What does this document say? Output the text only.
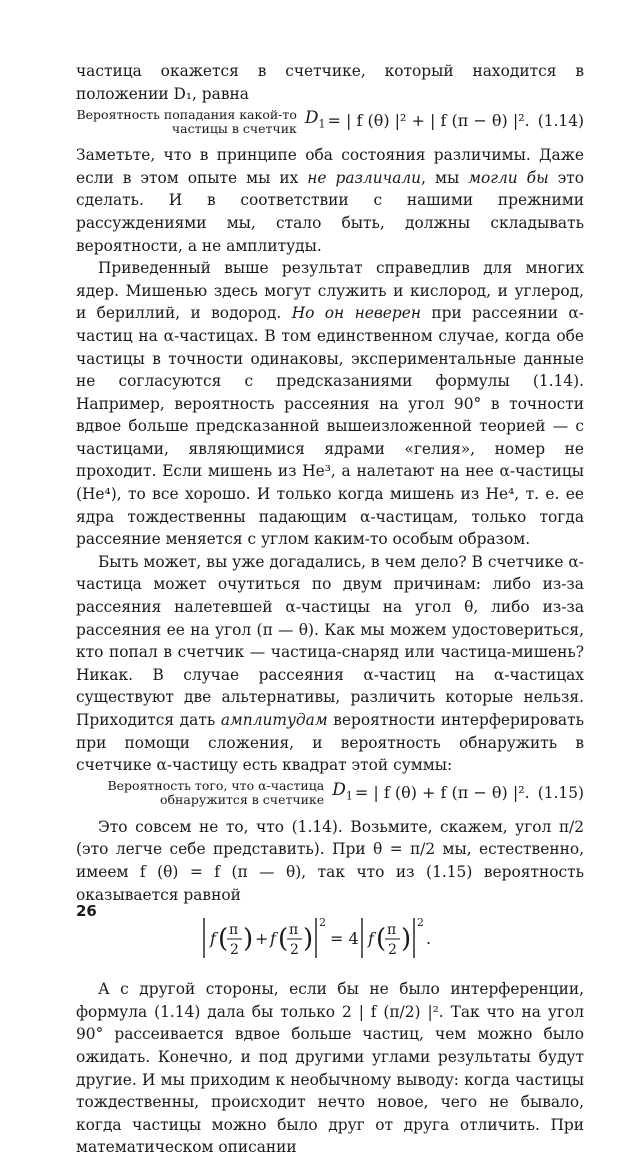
частица окажется в счетчике, который находится в положении D₁, равна

Вероятность попадания какой-то
частицы в счетчик $D_1$ = | f (θ) |² + | f (π − θ) |². (1.14)

Заметьте, что в принципе оба состояния различимы. Даже если в этом опыте мы их не различали, мы могли бы это сделать. И в соответствии с нашими прежними рассуждениями мы, стало быть, должны складывать вероятности, а не амплитуды.

Приведенный выше результат справедлив для многих ядер. Мишенью здесь могут служить и кислород, и углерод, и бериллий, и водород. Но он неверен при рассеянии α-частиц на α-частицах. В том единственном случае, когда обе частицы в точности одинаковы, экспериментальные данные не согласуются с предсказаниями формулы (1.14). Например, вероятность рассеяния на угол 90° в точности вдвое больше предсказанной вышеизложенной теорией — с частицами, являющимися ядрами «гелия», номер не проходит. Если мишень из He³, а налетают на нее α-частицы (He⁴), то все хорошо. И только когда мишень из He⁴, т. е. ее ядра тождественны падающим α-частицам, только тогда рассеяние меняется с углом каким-то особым образом.

Быть может, вы уже догадались, в чем дело? В счетчике α-частица может очутиться по двум причинам: либо из-за рассеяния налетевшей α-частицы на угол θ, либо из-за рассеяния ее на угол (π — θ). Как мы можем удостовериться, кто попал в счетчик — частица-снаряд или частица-мишень? Никак. В случае рассеяния α-частиц на α-частицах существуют две альтернативы, различить которые нельзя. Приходится дать амплитудам вероятности интерферировать при помощи сложения, и вероятность обнаружить в счетчике α-частицу есть квадрат этой суммы:

Вероятность того, что α-частица
обнаружится в счетчике $D_1$ = | f (θ) + f (π − θ) |². (1.15)

Это совсем не то, что (1.14). Возьмите, скажем, угол π/2 (это легче себе представить). При θ = π/2 мы, естественно, имеем f (θ) = f (π — θ), так что из (1.15) вероятность оказывается равной

f ( π
2 ) + f ( π
2 )
2
= 4 f ( π
2 )
2
.

А с другой стороны, если бы не было интерференции, формула (1.14) дала бы только 2 | f (π/2) |². Так что на угол 90° рассеивается вдвое больше частиц, чем можно было ожидать. Конечно, и под другими углами результаты будут другие. И мы приходим к необычному выводу: когда частицы тождественны, происходит нечто новое, чего не бывало, когда частицы можно было друг от друга отличить. При математическом описании

26
